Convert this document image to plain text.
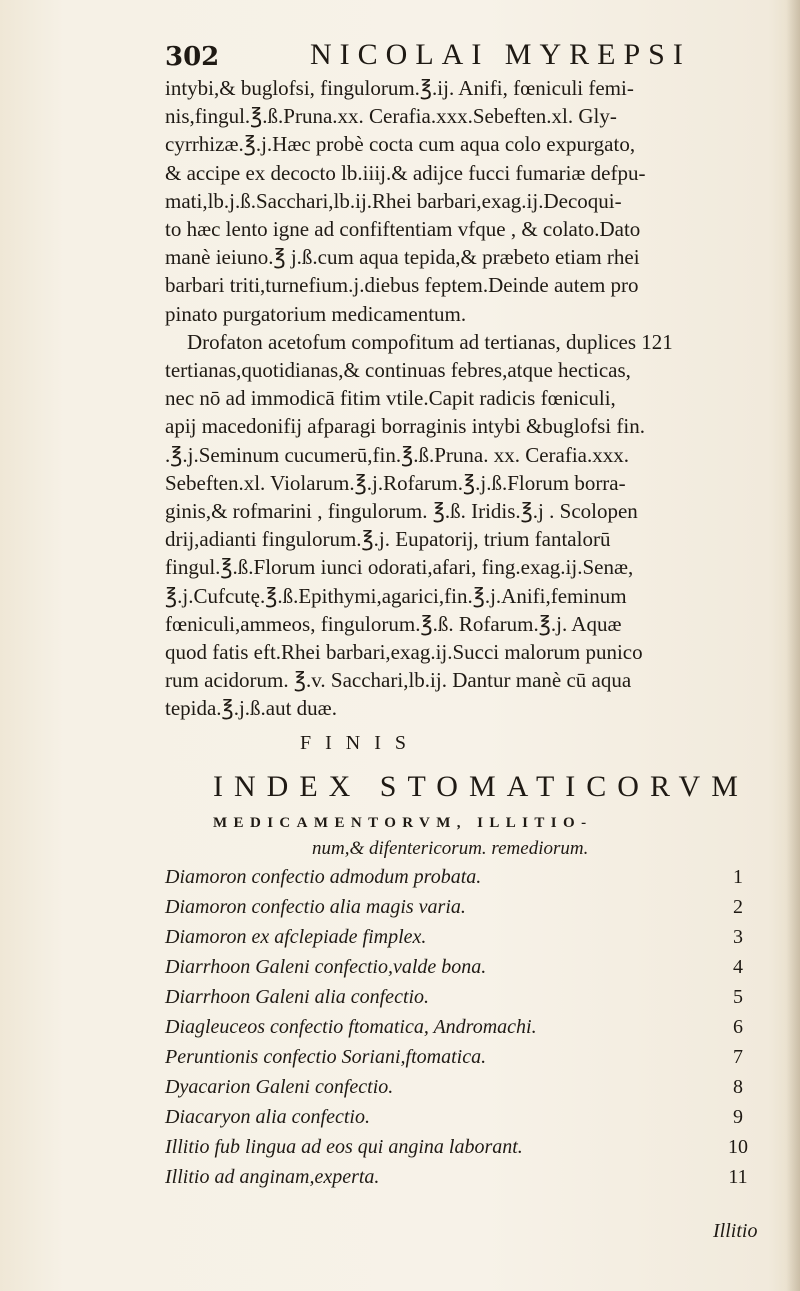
302	NICOLAI MYREPSI
intybi,& buglofsi, fingulorum.℥.ij. Anifi, fœniculi femi-
nis,fingul.℥.ß.Pruna.xx. Cerafia.xxx.Sebeften.xl. Gly-
cyrrhizæ.℥.j.Hæc probè cocta cum aqua colo expurgato,
& accipe ex decocto lb.iiij.& adijce fucci fumariæ defpu-
mati,lb.j.ß.Sacchari,lb.ij.Rhei barbari,exag.ij.Decoqui-
to hæc lento igne ad confiftentiam vfque , & colato.Dato
manè ieiuno.℥ j.ß.cum aqua tepida,& præbeto etiam rhei
barbari triti,turnefium.j.diebus feptem.Deinde autem pro
pinato purgatorium medicamentum.
Drofaton acetofum compofitum ad tertianas, duplices 121
tertianas,quotidianas,& continuas febres,atque hecticas,
nec nō ad immodicā fitim vtile.Capit radicis fœniculi,
apij macedonifij afparagi borraginis intybi &buglofsi fin.
.℥.j.Seminum cucumerū,fin.℥.ß.Pruna. xx. Cerafia.xxx.
Sebeften.xl. Violarum.℥.j.Rofarum.℥.j.ß.Florum borra-
ginis,& rofmarini , fingulorum. ℥.ß. Iridis.℥.j . Scolopen
drij,adianti fingulorum.℥.j. Eupatorij, trium fantalorū
fingul.℥.ß.Florum iunci odorati,afari, fing.exag.ij.Senæ,
℥.j.Cufcutę.℥.ß.Epithymi,agarici,fin.℥.j.Anifi,feminum
fœniculi,ammeos, fingulorum.℥.ß. Rofarum.℥.j. Aquæ
quod fatis eft.Rhei barbari,exag.ij.Succi malorum punico
rum acidorum. ℥.v. Sacchari,lb.ij. Dantur manè cū aqua
tepida.℥.j.ß.aut duæ.
FINIS
INDEX STOMATICORVM
MEDICAMENTORVM, ILLITIO-
num,& difentericorum. remediorum.
Diamoron confectio admodum probata.	1
Diamoron confectio alia magis varia.	2
Diamoron ex afclepiade fimplex.	3
Diarrhoon Galeni confectio,valde bona.	4
Diarrhoon Galeni alia confectio.	5
Diagleuceos confectio ftomatica, Andromachi.	6
Peruntionis confectio Soriani,ftomatica.	7
Dyacarion Galeni confectio.	8
Diacaryon alia confectio.	9
Illitio fub lingua ad eos qui angina laborant.	10
Illitio ad anginam,experta.	11
Illitio
